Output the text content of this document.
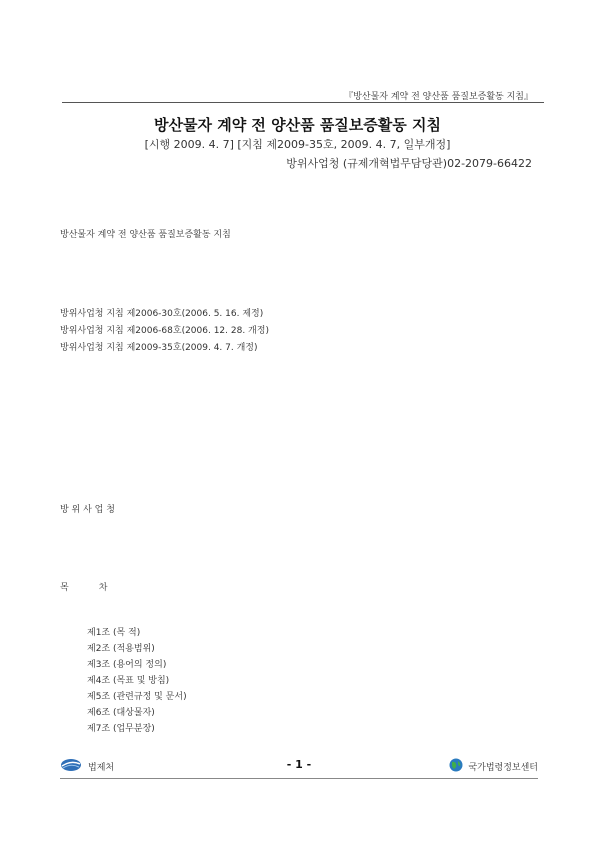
『방산물자 계약 전 양산품 품질보증활동 지침』
방산물자 계약 전 양산품 품질보증활동 지침
[시행 2009. 4. 7] [지침 제2009-35호, 2009. 4. 7, 일부개정]
방위사업청 (규제개혁법무담당관)02-2079-66422
방산물자 계약 전 양산품 품질보증활동 지침
방위사업청 지침 제2006-30호(2006. 5. 16. 제정)
방위사업청 지침 제2006-68호(2006. 12. 28. 개정)
방위사업청 지침 제2009-35호(2009. 4. 7. 개정)
방 위 사 업 청
목	차
제1조 (목 적)
제2조 (적용범위)
제3조 (용어의 정의)
제4조 (목표 및 방침)
제5조 (관련규정 및 문서)
제6조 (대상물자)
제7조 (업무분장)
법제처	- 1 -	국가법령정보센터
